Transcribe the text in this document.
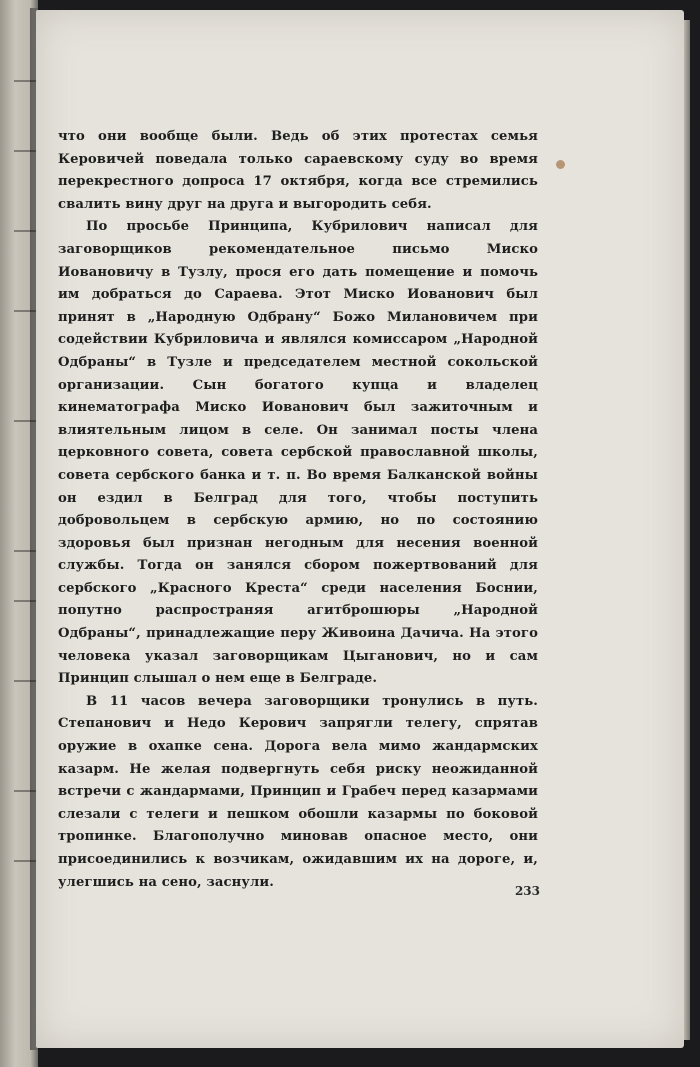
что они вообще были. Ведь об этих протестах семья Керовичей поведала только сараевскому суду во время перекрестного допроса 17 октября, когда все стремились свалить вину друг на друга и выгородить себя.

По просьбе Принципа, Кубрилович написал для заговорщиков рекомендательное письмо Миско Иовановичу в Тузлу, прося его дать помещение и помочь им добраться до Сараева. Этот Миско Иованович был принят в „Народную Одбрану“ Божо Милановичем при содействии Кубриловича и являлся комиссаром „Народной Одбраны“ в Тузле и председателем местной сокольской организации. Сын богатого купца и владелец кинематографа Миско Иованович был зажиточным и влиятельным лицом в селе. Он занимал посты члена церковного совета, совета сербской православной школы, совета сербского банка и т. п. Во время Балканской войны он ездил в Белград для того, чтобы поступить добровольцем в сербскую армию, но по состоянию здоровья был признан негодным для несения военной службы. Тогда он занялся сбором пожертвований для сербского „Красного Креста“ среди населения Боснии, попутно распространяя агитброшюры „Народной Одбраны“, принадлежащие перу Живоина Дачича. На этого человека указал заговорщикам Цыганович, но и сам Принцип слышал о нем еще в Белграде.

В 11 часов вечера заговорщики тронулись в путь. Степанович и Недо Керович запрягли телегу, спрятав оружие в охапке сена. Дорога вела мимо жандармских казарм. Не желая подвергнуть себя риску неожиданной встречи с жандармами, Принцип и Грабеч перед казармами слезали с телеги и пешком обошли казармы по боковой тропинке. Благополучно миновав опасное место, они присоединились к возчикам, ожидавшим их на дороге, и, улегшись на сено, заснули.

233
